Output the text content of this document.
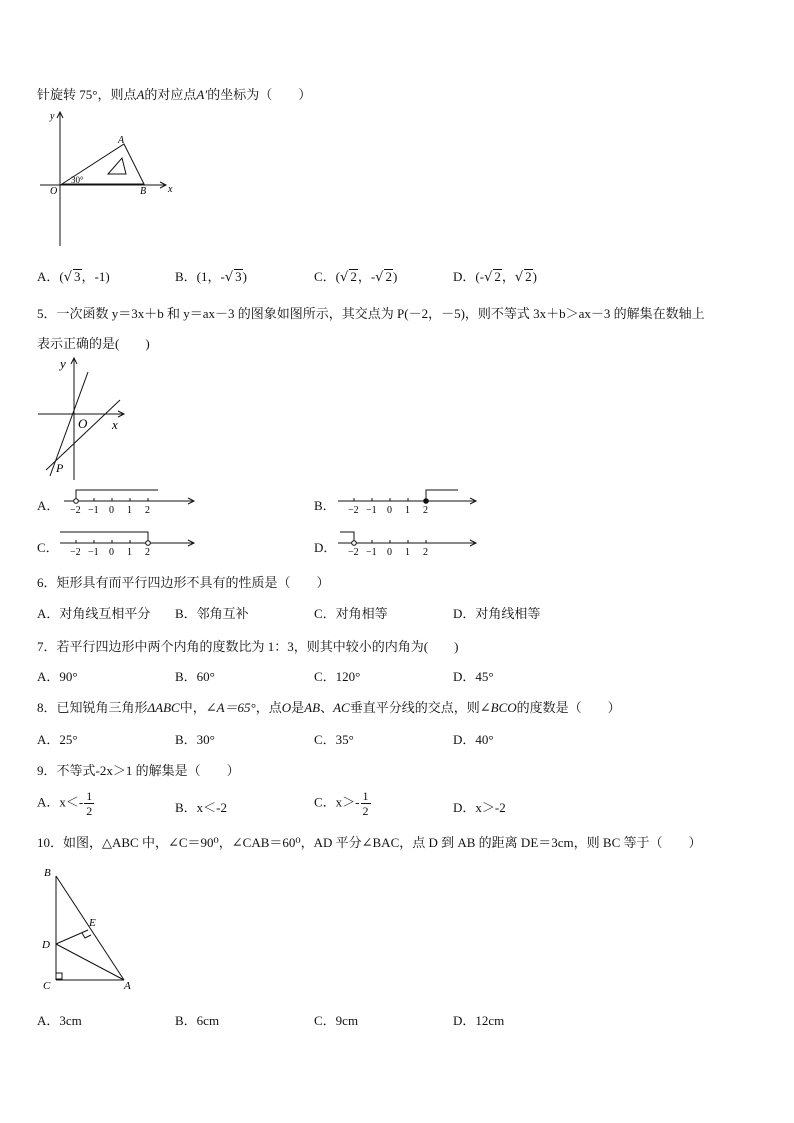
针旋转 75°，则点A的对应点A′的坐标为（　　）
y
x
O
A
B
30°
A．(√ 3，-1)	B．(1，-√ 3)	C．(√ 2，-√ 2)	D．(-√ 2，√ 2)
5．一次函数 y＝3x＋b 和 y＝ax－3 的图象如图所示，其交点为 P(－2，－5)，则不等式 3x＋b＞ax－3 的解集在数轴上
表示正确的是(　　)
y
x
O
P
A． −2 −1 0 1 2	B． −2 −1 0 1 2
C． −2 −1 0 1 2	D． −2 −1 0 1 2
6．矩形具有而平行四边形不具有的性质是（　　）
A．对角线互相平分 B．邻角互补	C．对角相等	D．对角线相等
7．若平行四边形中两个内角的度数比为 1：3，则其中较小的内角为(　　)
A．90°	B．60°	C．120°	D．45°
8．已知锐角三角形ΔABC中，∠A＝65°，点O是AB、AC垂直平分线的交点，则∠BCO的度数是（　　）
A．25°	B．30°	C．35°	D．40°
9．不等式-2x＞1 的解集是（　　）
A．$x<- \frac{1}{2}$	B．x＜-2	C．$x>- \frac{1}{2}$	D．x＞-2
10．如图，△ABC 中，∠C＝90⁰，∠CAB＝60⁰，AD 平分∠BAC，点 D 到 AB 的距离 DE＝3cm，则 BC 等于（　　）
B
E
D
C	A
A．3cm	B．6cm	C．9cm	D．12cm
